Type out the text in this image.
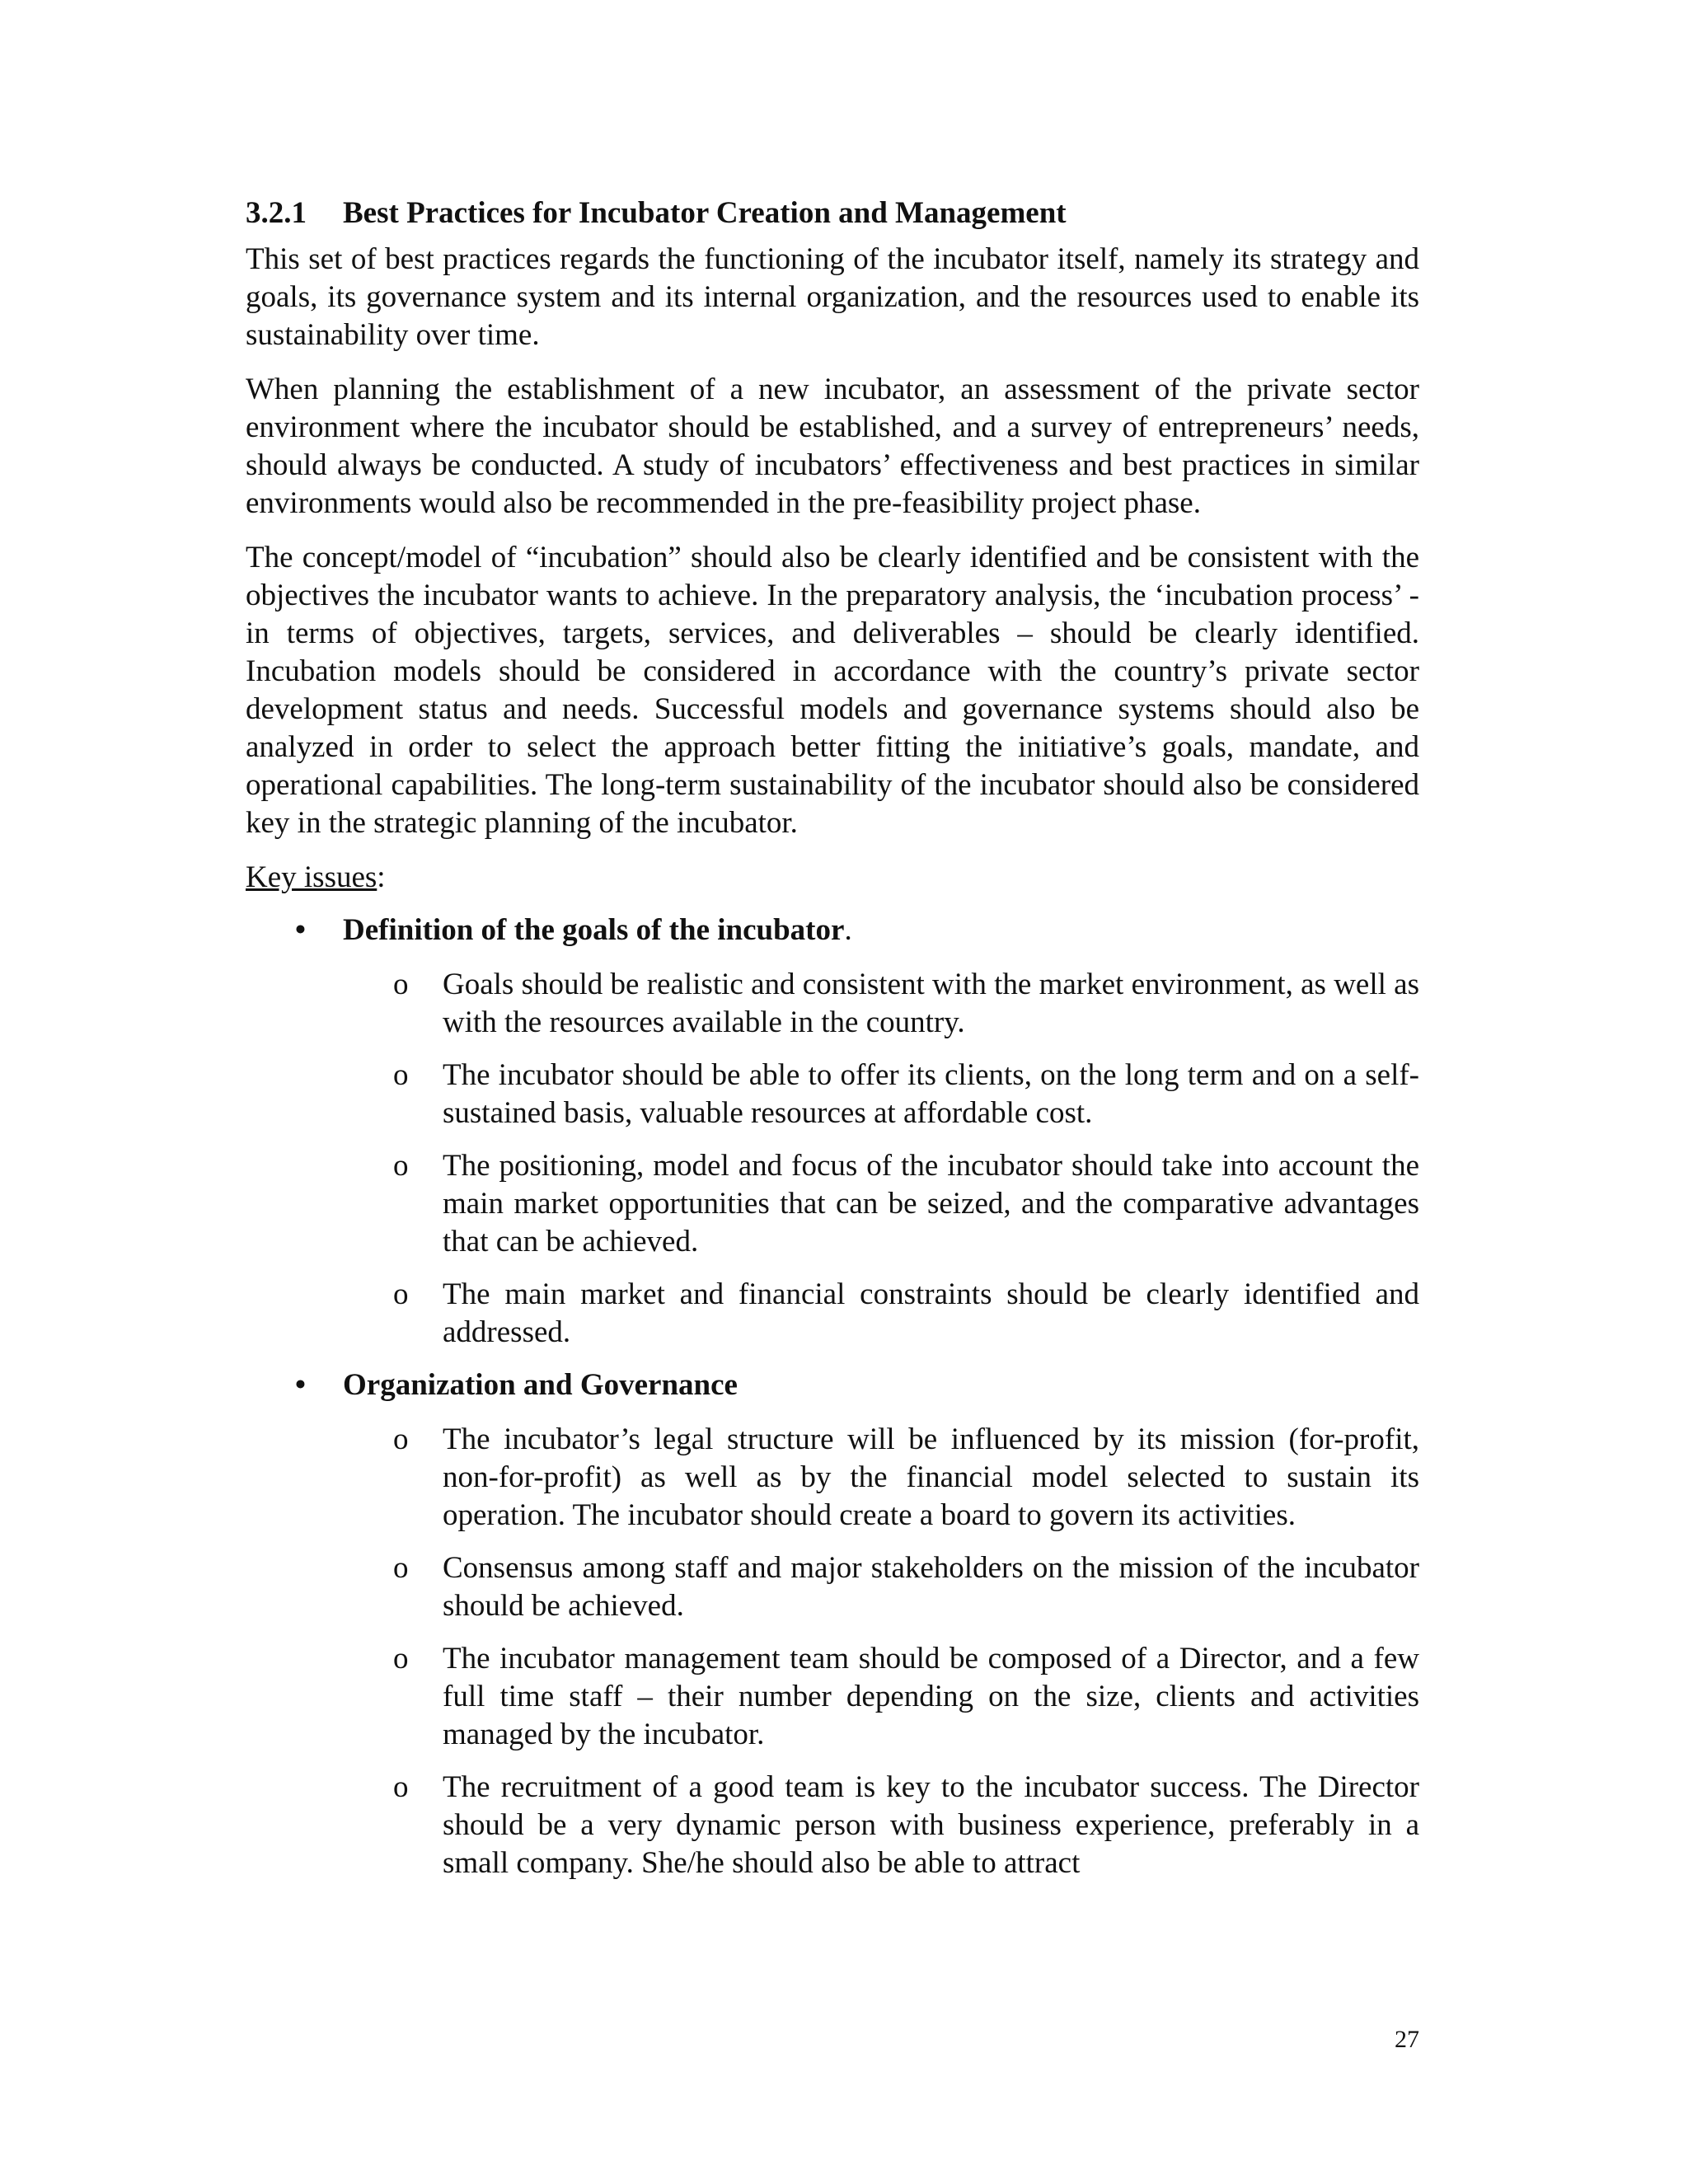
3.2.1 Best Practices for Incubator Creation and Management

This set of best practices regards the functioning of the incubator itself, namely its strategy and goals, its governance system and its internal organization, and the resources used to enable its sustainability over time.

When planning the establishment of a new incubator, an assessment of the private sector environment where the incubator should be established, and a survey of entrepreneurs’ needs, should always be conducted. A study of incubators’ effectiveness and best practices in similar environments would also be recommended in the pre-feasibility project phase.

The concept/model of “incubation” should also be clearly identified and be consistent with the objectives the incubator wants to achieve. In the preparatory analysis, the ‘incubation process’ - in terms of objectives, targets, services, and deliverables – should be clearly identified. Incubation models should be considered in accordance with the country’s private sector development status and needs. Successful models and governance systems should also be analyzed in order to select the approach better fitting the initiative’s goals, mandate, and operational capabilities. The long-term sustainability of the incubator should also be considered key in the strategic planning of the incubator.

Key issues:
• Definition of the goals of the incubator.
o Goals should be realistic and consistent with the market environment, as well as with the resources available in the country.
o The incubator should be able to offer its clients, on the long term and on a self-sustained basis, valuable resources at affordable cost.
o The positioning, model and focus of the incubator should take into account the main market opportunities that can be seized, and the comparative advantages that can be achieved.
o The main market and financial constraints should be clearly identified and addressed.
• Organization and Governance
o The incubator’s legal structure will be influenced by its mission (for-profit, non-for-profit) as well as by the financial model selected to sustain its operation. The incubator should create a board to govern its activities.
o Consensus among staff and major stakeholders on the mission of the incubator should be achieved.
o The incubator management team should be composed of a Director, and a few full time staff – their number depending on the size, clients and activities managed by the incubator.
o The recruitment of a good team is key to the incubator success. The Director should be a very dynamic person with business experience, preferably in a small company. She/he should also be able to attract
27
